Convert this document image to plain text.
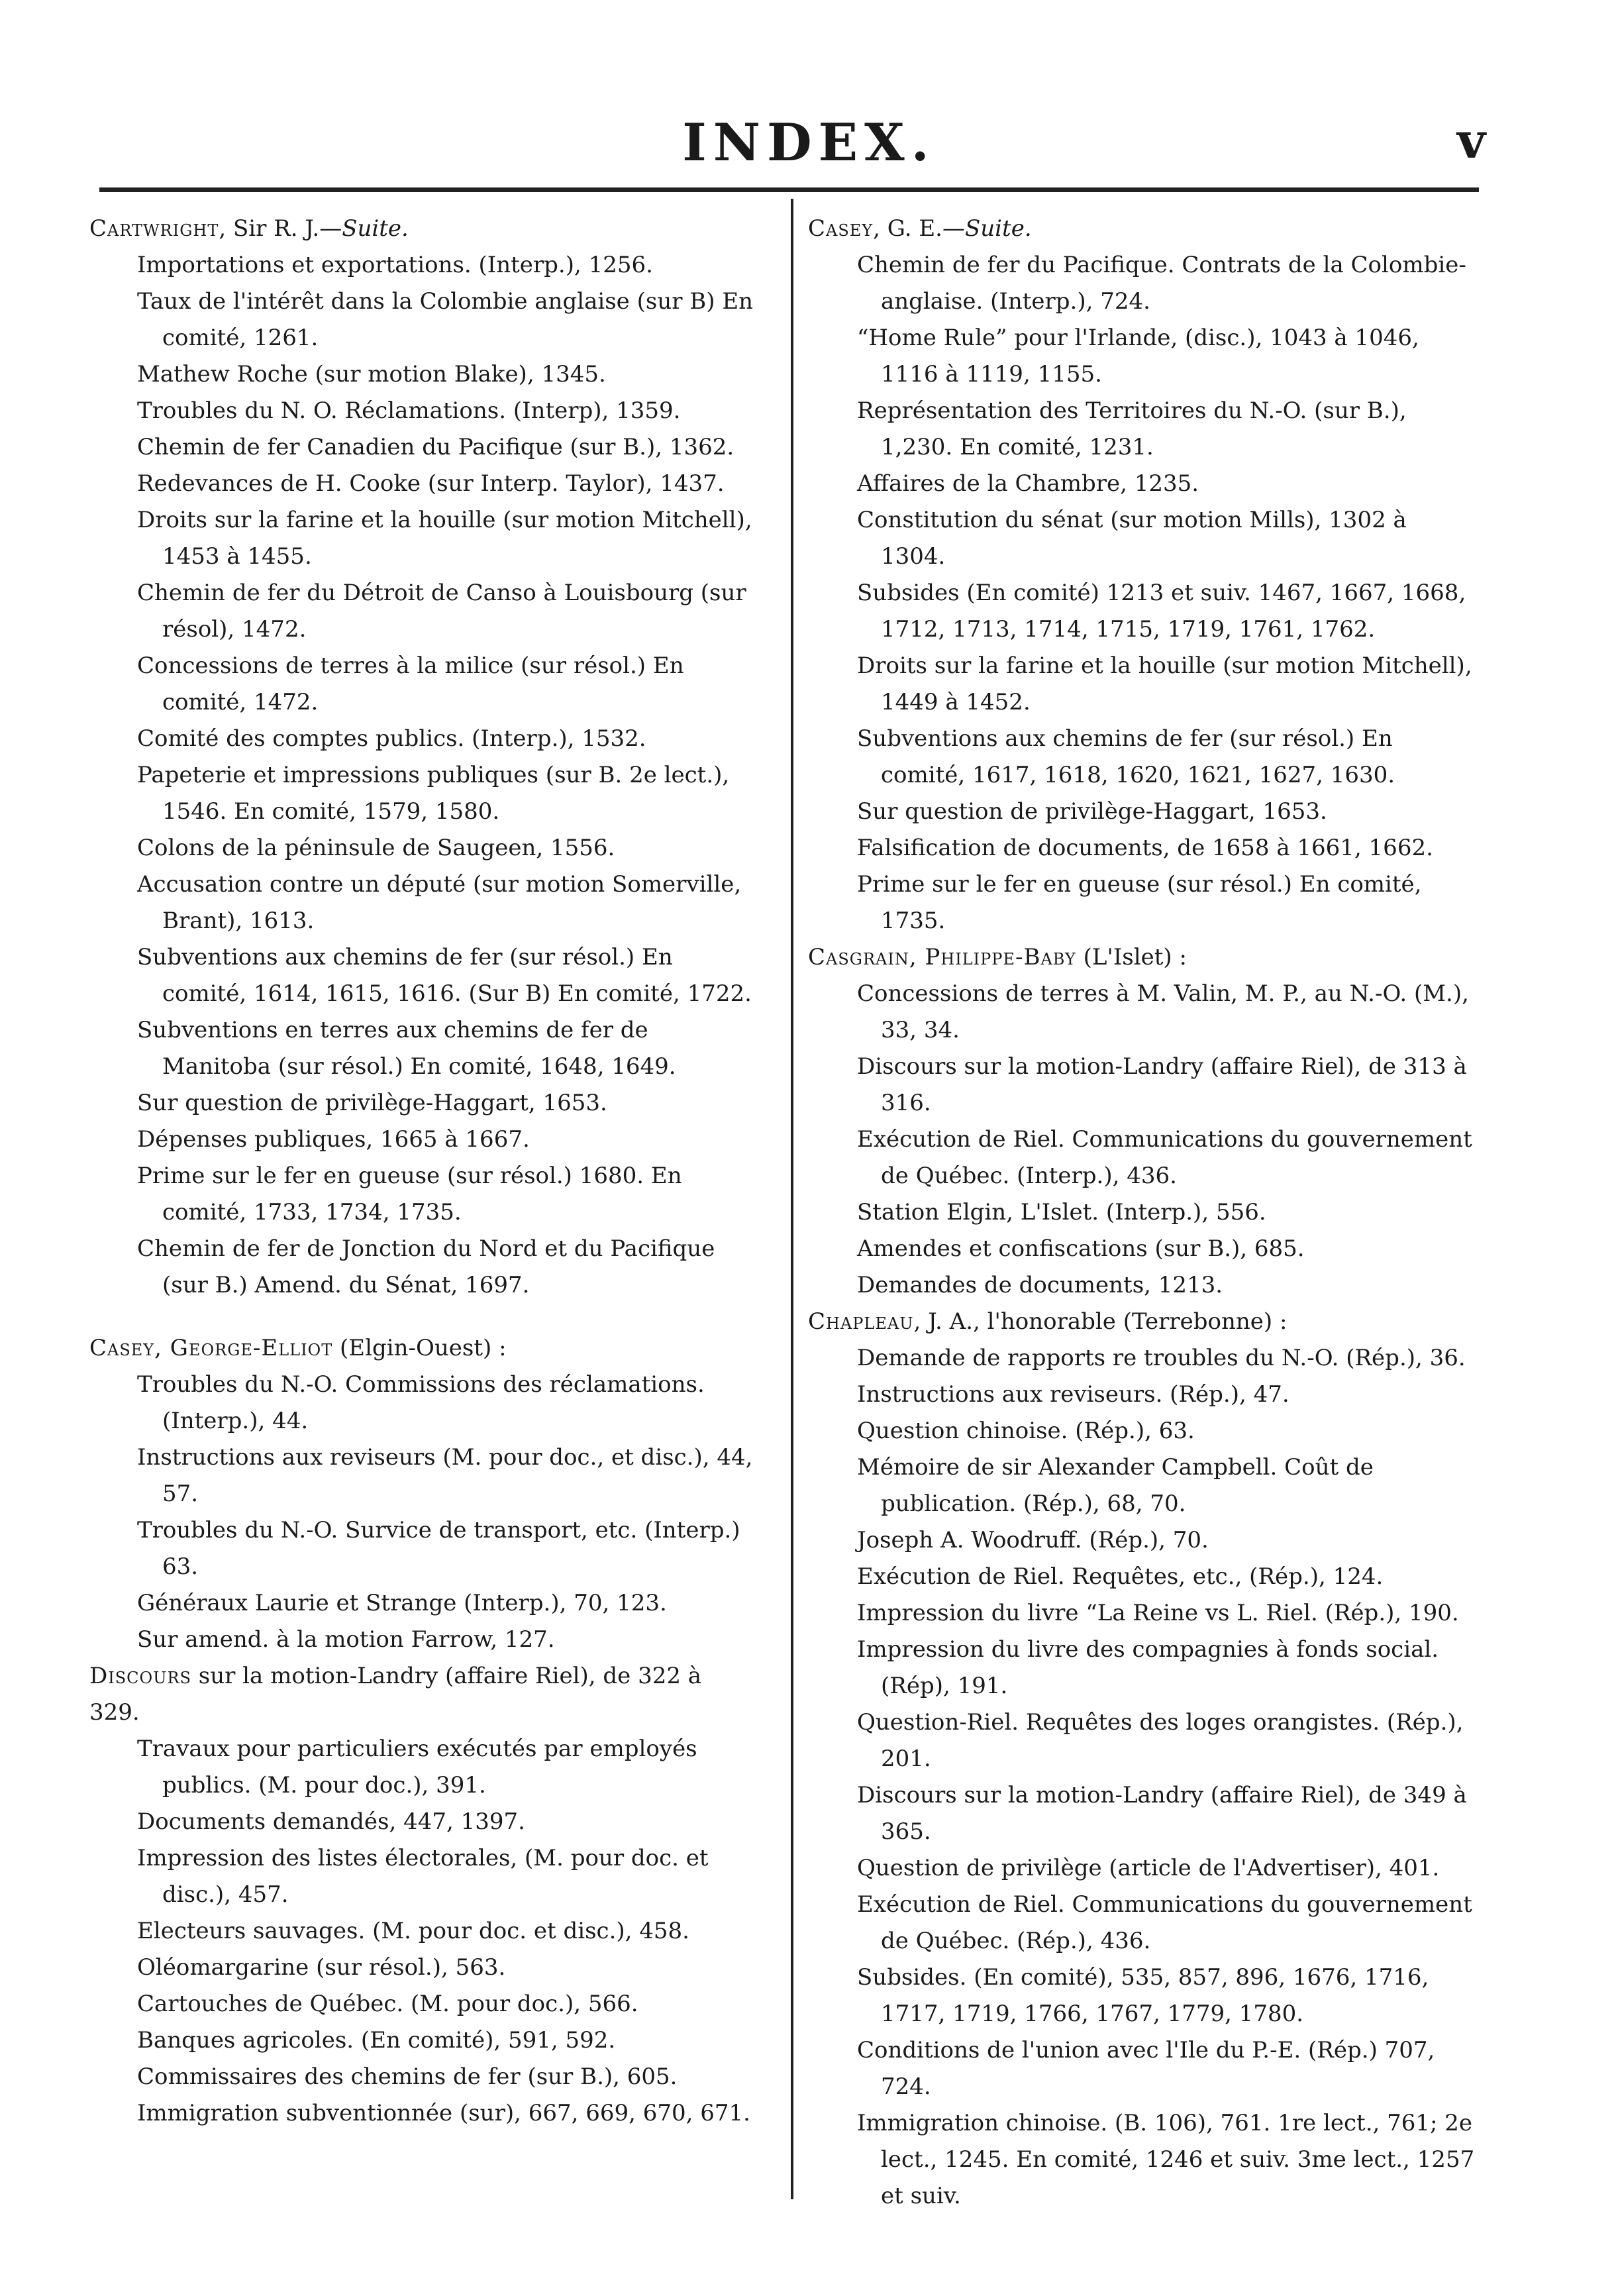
INDEX.	v

Cartwright, Sir R. J.—Suite.

Importations et exportations. (Interp.), 1256.

Taux de l'intérêt dans la Colombie anglaise (sur B) En comité, 1261.

Mathew Roche (sur motion Blake), 1345.

Troubles du N. O. Réclamations. (Interp), 1359.

Chemin de fer Canadien du Pacifique (sur B.), 1362.

Redevances de H. Cooke (sur Interp. Taylor), 1437.

Droits sur la farine et la houille (sur motion Mitchell), 1453 à 1455.

Chemin de fer du Détroit de Canso à Louisbourg (sur résol), 1472.

Concessions de terres à la milice (sur résol.) En comité, 1472.

Comité des comptes publics. (Interp.), 1532.

Papeterie et impressions publiques (sur B. 2e lect.), 1546. En comité, 1579, 1580.

Colons de la péninsule de Saugeen, 1556.

Accusation contre un député (sur motion Somerville, Brant), 1613.

Subventions aux chemins de fer (sur résol.) En comité, 1614, 1615, 1616. (Sur B) En comité, 1722.

Subventions en terres aux chemins de fer de Manitoba (sur résol.) En comité, 1648, 1649.

Sur question de privilège-Haggart, 1653.

Dépenses publiques, 1665 à 1667.

Prime sur le fer en gueuse (sur résol.) 1680. En comité, 1733, 1734, 1735.

Chemin de fer de Jonction du Nord et du Pacifique (sur B.) Amend. du Sénat, 1697.

Casey, George-Elliot (Elgin-Ouest) :

Troubles du N.-O. Commissions des réclamations. (Interp.), 44.

Instructions aux reviseurs (M. pour doc., et disc.), 44, 57.

Troubles du N.-O. Survice de transport, etc. (Interp.) 63.

Généraux Laurie et Strange (Interp.), 70, 123.

Sur amend. à la motion Farrow, 127.

Discours sur la motion-Landry (affaire Riel), de 322 à 329.

Travaux pour particuliers exécutés par employés publics. (M. pour doc.), 391.

Documents demandés, 447, 1397.

Impression des listes électorales, (M. pour doc. et disc.), 457.

Electeurs sauvages. (M. pour doc. et disc.), 458.

Oléomargarine (sur résol.), 563.

Cartouches de Québec. (M. pour doc.), 566.

Banques agricoles. (En comité), 591, 592.

Commissaires des chemins de fer (sur B.), 605.

Immigration subventionnée (sur), 667, 669, 670, 671.

Casey, G. E.—Suite.

Chemin de fer du Pacifique. Contrats de la Colombie-anglaise. (Interp.), 724.

“Home Rule” pour l'Irlande, (disc.), 1043 à 1046, 1116 à 1119, 1155.

Représentation des Territoires du N.-O. (sur B.), 1,230. En comité, 1231.

Affaires de la Chambre, 1235.

Constitution du sénat (sur motion Mills), 1302 à 1304.

Subsides (En comité) 1213 et suiv. 1467, 1667, 1668, 1712, 1713, 1714, 1715, 1719, 1761, 1762.

Droits sur la farine et la houille (sur motion Mitchell), 1449 à 1452.

Subventions aux chemins de fer (sur résol.) En comité, 1617, 1618, 1620, 1621, 1627, 1630.

Sur question de privilège-Haggart, 1653.

Falsification de documents, de 1658 à 1661, 1662.

Prime sur le fer en gueuse (sur résol.) En comité, 1735.

Casgrain, Philippe-Baby (L'Islet) :

Concessions de terres à M. Valin, M. P., au N.-O. (M.), 33, 34.

Discours sur la motion-Landry (affaire Riel), de 313 à 316.

Exécution de Riel. Communications du gouvernement de Québec. (Interp.), 436.

Station Elgin, L'Islet. (Interp.), 556.

Amendes et confiscations (sur B.), 685.

Demandes de documents, 1213.

Chapleau, J. A., l'honorable (Terrebonne) :

Demande de rapports re troubles du N.-O. (Rép.), 36.

Instructions aux reviseurs. (Rép.), 47.

Question chinoise. (Rép.), 63.

Mémoire de sir Alexander Campbell. Coût de publication. (Rép.), 68, 70.

Joseph A. Woodruff. (Rép.), 70.

Exécution de Riel. Requêtes, etc., (Rép.), 124.

Impression du livre “La Reine vs L. Riel. (Rép.), 190.

Impression du livre des compagnies à fonds social. (Rép), 191.

Question-Riel. Requêtes des loges orangistes. (Rép.), 201.

Discours sur la motion-Landry (affaire Riel), de 349 à 365.

Question de privilège (article de l'Advertiser), 401.

Exécution de Riel. Communications du gouvernement de Québec. (Rép.), 436.

Subsides. (En comité), 535, 857, 896, 1676, 1716, 1717, 1719, 1766, 1767, 1779, 1780.

Conditions de l'union avec l'Ile du P.-E. (Rép.) 707, 724.

Immigration chinoise. (B. 106), 761. 1re lect., 761; 2e lect., 1245. En comité, 1246 et suiv. 3me lect., 1257 et suiv.
